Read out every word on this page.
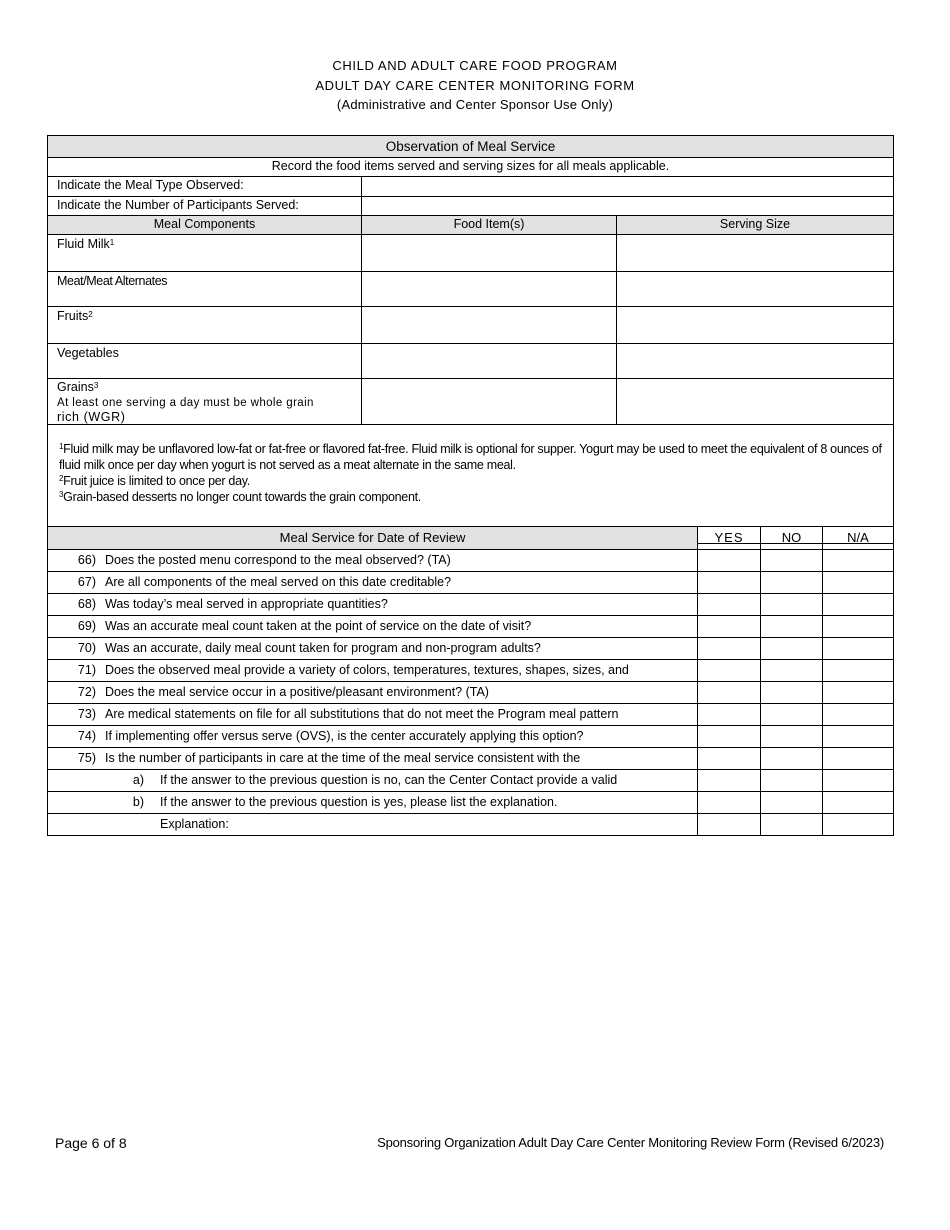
CHILD AND ADULT CARE FOOD PROGRAM
ADULT DAY CARE CENTER MONITORING FORM
(Administrative and Center Sponsor Use Only)
Observation of Meal Service		
Record the food items served and serving sizes for all meals applicable.		
Indicate the Meal Type Observed:		
Indicate the Number of Participants Served:		
Meal Components	Food Item(s)	Serving Size
Fluid Milk$^1$		
Meat/Meat Alternates		
Fruits$^2$		
Vegetables		
Grains$^3$
At least one serving a day must be whole grain
rich (WGR)		

$^1$Fluid milk may be unflavored low-fat or fat-free or flavored fat-free. Fluid milk is optional for supper. Yogurt may be used to meet the equivalent of 8 ounces of fluid milk once per day when yogurt is not served as a meat alternate in the same meal.

$^2$Fruit juice is limited to once per day.

$^3$Grain-based desserts no longer count towards the grain component.		

Meal Service for Date of Review	YES	NO	N/A
66) Does the posted menu correspond to the meal observed? (TA)			
67) Are all components of the meal served on this date creditable?			
68) Was today’s meal served in appropriate quantities?			
69) Was an accurate meal count taken at the point of service on the date of visit?			
70) Was an accurate, daily meal count taken for program and non-program adults?			
71) Does the observed meal provide a variety of colors, temperatures, textures, shapes, sizes, and			
72) Does the meal service occur in a positive/pleasant environment? (TA)			
73) Are medical statements on file for all substitutions that do not meet the Program meal pattern			
74) If implementing offer versus serve (OVS), is the center accurately applying this option?			
75) Is the number of participants in care at the time of the meal service consistent with the			
a) If the answer to the previous question is no, can the Center Contact provide a valid			
b) If the answer to the previous question is yes, please list the explanation.			
Explanation:			
Page 6 of 8	Sponsoring Organization Adult Day Care Center Monitoring Review Form (Revised 6/2023)
